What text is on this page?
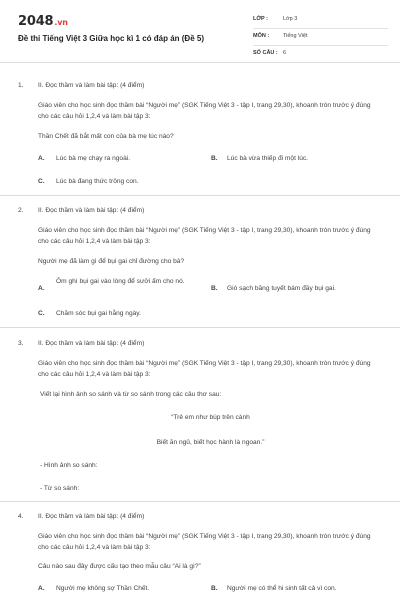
2048.vn
Đề thi Tiếng Việt 3 Giữa học kì 1 có đáp án (Đề 5)
LỚP :	Lớp 3
MÔN :	Tiếng Việt
SỐ CÂU : 6
1. II. Đọc thầm và làm bài tập: (4 điểm)
Giáo viên cho học sinh đọc thầm bài “Người mẹ” (SGK Tiếng Việt 3 - tập I, trang 29,30), khoanh tròn trước ý đúng cho các câu hỏi 1,2,4 và làm bài tập 3:
Thần Chết đã bắt mất con của bà mẹ lúc nào?
A. Lúc bà mẹ chạy ra ngoài.	B. Lúc bà vừa thiếp đi một lúc.
C. Lúc bà đang thức trông con.
2. II. Đọc thầm và làm bài tập: (4 điểm)
Giáo viên cho học sinh đọc thầm bài “Người mẹ” (SGK Tiếng Việt 3 - tập I, trang 29,30), khoanh tròn trước ý đúng cho các câu hỏi 1,2,4 và làm bài tập 3:
Người mẹ đã làm gì để bụi gai chỉ đường cho bà?
A.
Ôm ghì bụi gai vào lòng để sưởi ấm cho nó.
B. Gió sạch băng tuyết bám đầy bụi gai.
C. Chăm sóc bụi gai hằng ngày.
3. II. Đọc thầm và làm bài tập: (4 điểm)
Giáo viên cho học sinh đọc thầm bài “Người mẹ” (SGK Tiếng Việt 3 - tập I, trang 29,30), khoanh tròn trước ý đúng cho các câu hỏi 1,2,4 và làm bài tập 3:
Viết lại hình ảnh so sánh và từ so sánh trong các câu thơ sau:
“Trẻ em như búp trên cành
Biết ăn ngủ, biết học hành là ngoan.”
- Hình ảnh so sánh:
- Từ so sánh:
4. II. Đọc thầm và làm bài tập: (4 điểm)
Giáo viên cho học sinh đọc thầm bài “Người mẹ” (SGK Tiếng Việt 3 - tập I, trang 29,30), khoanh tròn trước ý đúng cho các câu hỏi 1,2,4 và làm bài tập 3:
Câu nào sau đây được cấu tạo theo mẫu câu “Ai là gì?”
A. Người mẹ không sợ Thần Chết.	B. Người mẹ có thể hi sinh tất cả vì con.
